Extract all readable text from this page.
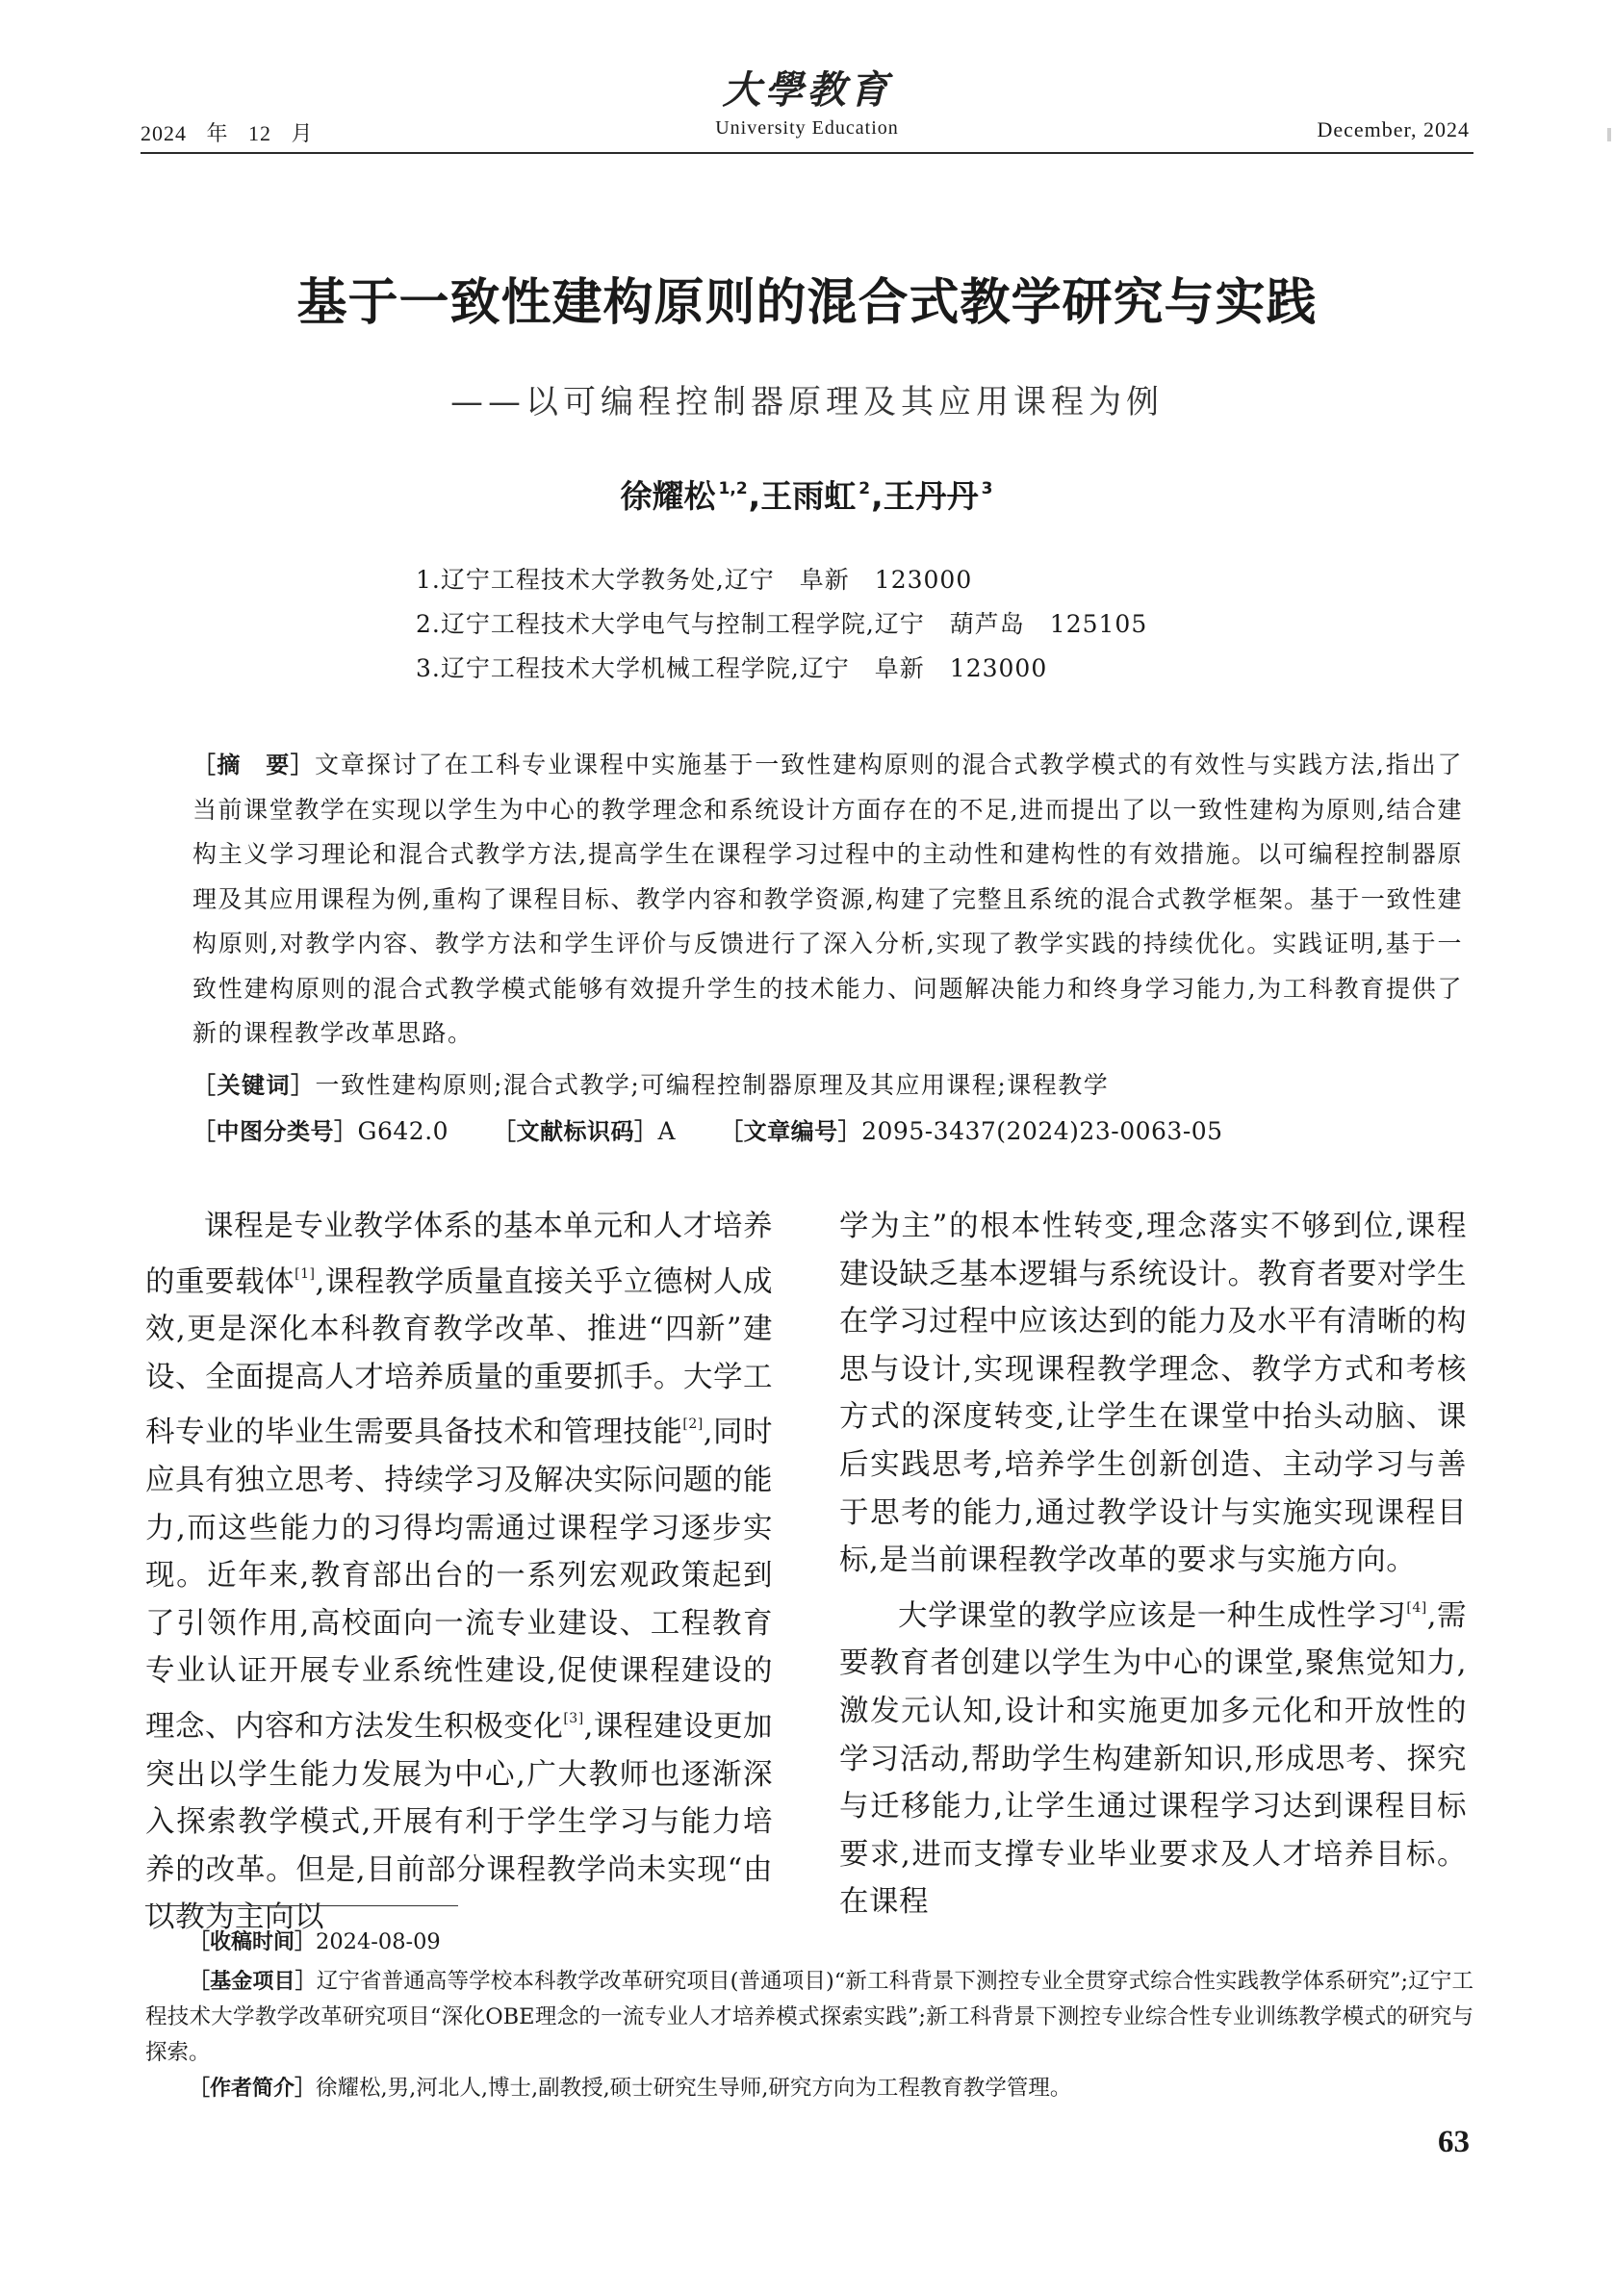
2024 年 12 月
大學教育
University Education	December, 2024
基于一致性建构原则的混合式教学研究与实践
——以可编程控制器原理及其应用课程为例
徐耀松 $^{1,2}$,王雨虹 $^2$,王丹丹 $^3$
1.辽宁工程技术大学教务处,辽宁　阜新　123000
2.辽宁工程技术大学电气与控制工程学院,辽宁　葫芦岛　125105
3.辽宁工程技术大学机械工程学院,辽宁　阜新　123000
［摘　要］文章探讨了在工科专业课程中实施基于一致性建构原则的混合式教学模式的有效性与实践方法,指出了当前课堂教学在实现以学生为中心的教学理念和系统设计方面存在的不足,进而提出了以一致性建构为原则,结合建构主义学习理论和混合式教学方法,提高学生在课程学习过程中的主动性和建构性的有效措施。以可编程控制器原理及其应用课程为例,重构了课程目标、教学内容和教学资源,构建了完整且系统的混合式教学框架。基于一致性建构原则,对教学内容、教学方法和学生评价与反馈进行了深入分析,实现了教学实践的持续优化。实践证明,基于一致性建构原则的混合式教学模式能够有效提升学生的技术能力、问题解决能力和终身学习能力,为工科教育提供了新的课程教学改革思路。
［关键词］一致性建构原则;混合式教学;可编程控制器原理及其应用课程;课程教学
［中图分类号］G642.0 ［文献标识码］A ［文章编号］2095-3437(2024)23-0063-05

课程是专业教学体系的基本单元和人才培养的重要载体[1],课程教学质量直接关乎立德树人成效,更是深化本科教育教学改革、推进“四新”建设、全面提高人才培养质量的重要抓手。大学工科专业的毕业生需要具备技术和管理技能[2],同时应具有独立思考、持续学习及解决实际问题的能力,而这些能力的习得均需通过课程学习逐步实现。近年来,教育部出台的一系列宏观政策起到了引领作用,高校面向一流专业建设、工程教育专业认证开展专业系统性建设,促使课程建设的理念、内容和方法发生积极变化[3],课程建设更加突出以学生能力发展为中心,广大教师也逐渐深入探索教学模式,开展有利于学生学习与能力培养的改革。但是,目前部分课程教学尚未实现“由以教为主向以

学为主”的根本性转变,理念落实不够到位,课程建设缺乏基本逻辑与系统设计。教育者要对学生在学习过程中应该达到的能力及水平有清晰的构思与设计,实现课程教学理念、教学方式和考核方式的深度转变,让学生在课堂中抬头动脑、课后实践思考,培养学生创新创造、主动学习与善于思考的能力,通过教学设计与实施实现课程目标,是当前课程教学改革的要求与实施方向。

大学课堂的教学应该是一种生成性学习[4],需要教育者创建以学生为中心的课堂,聚焦觉知力,激发元认知,设计和实施更加多元化和开放性的学习活动,帮助学生构建新知识,形成思考、探究与迁移能力,让学生通过课程学习达到课程目标要求,进而支撑专业毕业要求及人才培养目标。在课程

［收稿时间］2024-08-09

［基金项目］辽宁省普通高等学校本科教学改革研究项目(普通项目)“新工科背景下测控专业全贯穿式综合性实践教学体系研究”;辽宁工程技术大学教学改革研究项目“深化OBE理念的一流专业人才培养模式探索实践”;新工科背景下测控专业综合性专业训练教学模式的研究与探索。

［作者简介］徐耀松,男,河北人,博士,副教授,硕士研究生导师,研究方向为工程教育教学管理。

63
